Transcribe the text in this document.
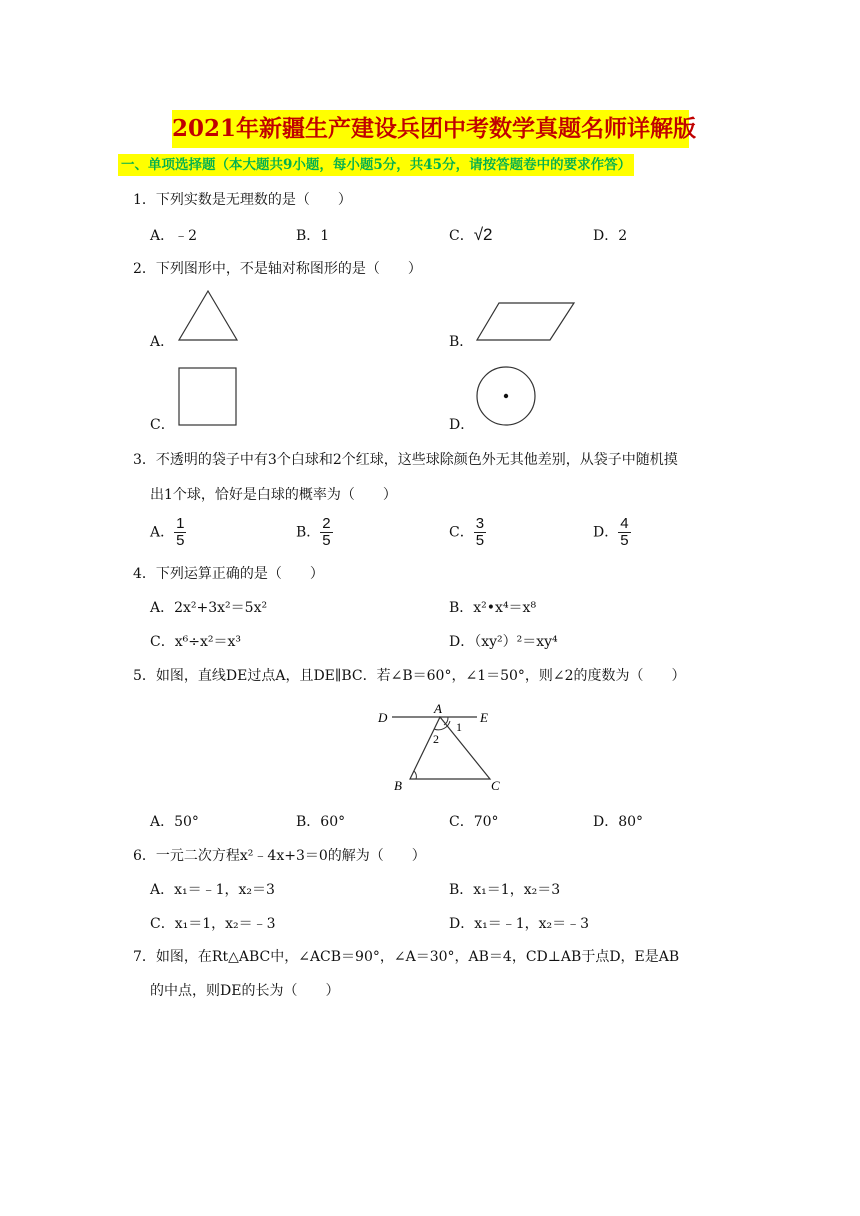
2021年新疆生产建设兵团中考数学真题名师详解版
一、单项选择题（本大题共9小题，每小题5分，共45分，请按答题卷中的要求作答）
1．下列实数是无理数的是（　　）
A．﹣2	B．1	C．√2	D．2
2．下列图形中，不是轴对称图形的是（　　）
A．	B．
C．	D．
3．不透明的袋子中有3个白球和2个红球，这些球除颜色外无其他差别，从袋子中随机摸
出1个球，恰好是白球的概率为（　　）
A． $\frac{1}{5}$	B． $\frac{2}{5}$	C． $\frac{3}{5}$	D． $\frac{4}{5}$
4．下列运算正确的是（　　）
A．2x²+3x²＝5x²	B．x²•x⁴＝x⁸
C．x⁶÷x²＝x³	D．（xy²）²＝xy⁴
5．如图，直线DE过点A，且DE∥BC．若∠B＝60°，∠1＝50°，则∠2的度数为（　　）
D
A
E
B	C
1
2
A．50°	B．60°	C．70°	D．80°
6．一元二次方程x²﹣4x+3＝0的解为（　　）
A．x₁＝﹣1，x₂＝3	B．x₁＝1，x₂＝3
C．x₁＝1，x₂＝﹣3	D．x₁＝﹣1，x₂＝﹣3
7．如图，在Rt△ABC中，∠ACB＝90°，∠A＝30°，AB＝4，CD⊥AB于点D，E是AB
的中点，则DE的长为（　　）
